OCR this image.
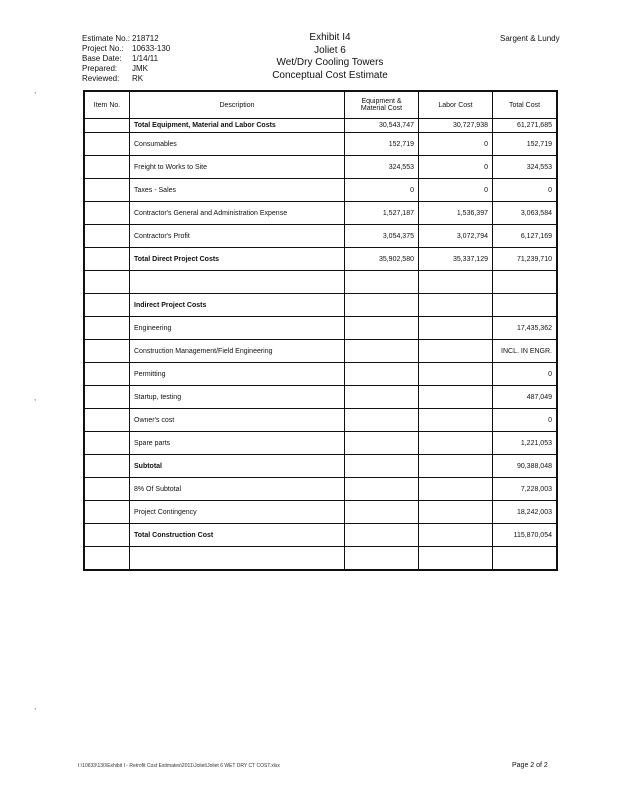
,
,
,
Estimate No.: 218712
Project No.:	10633-130
Base Date:	1/14/11
Prepared:	JMK
Reviewed:	RK
Exhibit I4
Joliet 6
Wet/Dry Cooling Towers
Conceptual Cost Estimate
Sargent & Lundy
Item No.	Description	Equipment & Material Cost	Labor Cost	Total Cost
	Total Equipment, Material and Labor Costs	30,543,747	30,727,938	61,271,685
	Consumables	152,719	0	152,719
	Freight to Works to Site	324,553	0	324,553
	Taxes - Sales	0	0	0
	Contractor's General and Administration Expense	1,527,187	1,536,397	3,063,584
	Contractor's Profit	3,054,375	3,072,794	6,127,169
	Total Direct Project Costs	35,902,580	35,337,129	71,239,710

	Indirect Project Costs			
	Engineering			17,435,362
	Construction Management/Field Engineering			INCL. IN ENGR.
	Permitting			0
	Startup, testing			487,049
	Owner's cost			0
	Spare parts			1,221,053
	Subtotal			90,388,048
	8% Of Subtotal			7,228,003
	Project Contingency			18,242,003
	Total Construction Cost			115,870,054

I:\10633\130\Exhibit I - Retrofit Cost Estimates\2011\Joliet\Joliet 6 WET DRY CT COST.xlsx	Page 2 of 2
